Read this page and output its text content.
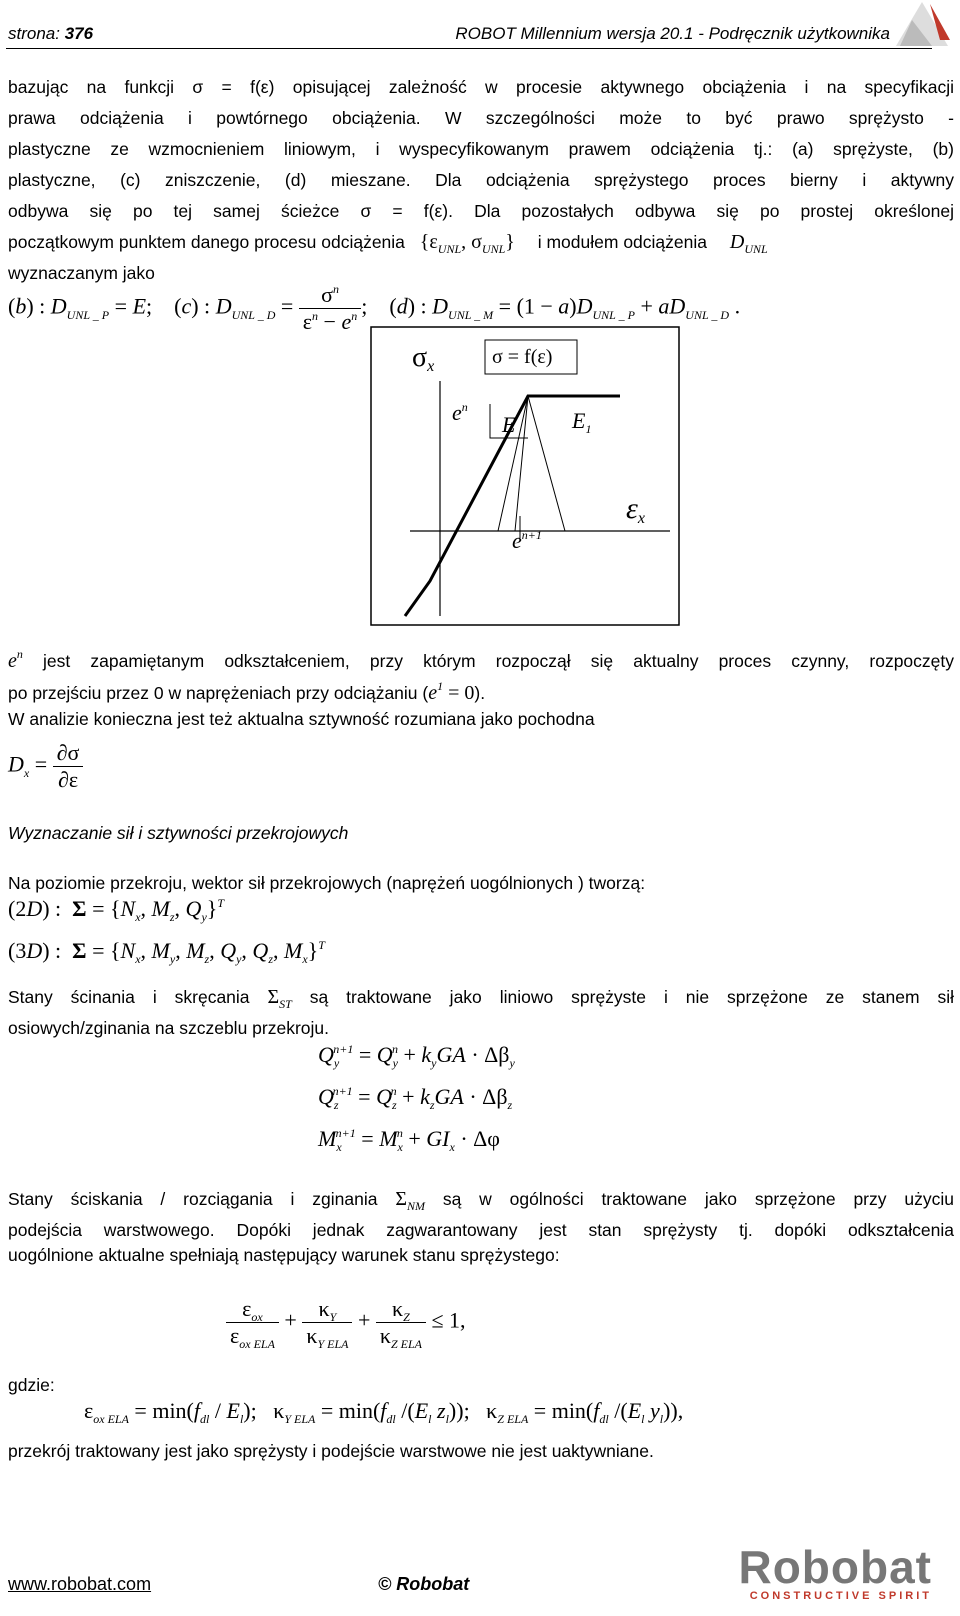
strona: 376	ROBOT Millennium wersja 20.1 - Podręcznik użytkownika
bazując na funkcji σ = f(ε) opisującej zależność w procesie aktywnego obciążenia i na specyfikacji
prawa odciążenia i powtórnego obciążenia. W szczególności może to być prawo sprężysto -
plastyczne ze wzmocnieniem liniowym, i wyspecyfikowanym prawem odciążenia tj.: (a) sprężyste, (b)
plastyczne, (c) zniszczenie, (d) mieszane. Dla odciążenia sprężystego proces bierny i aktywny
odbywa się po tej samej ścieżce σ = f(ε). Dla pozostałych odbywa się po prostej określonej
początkowym punktem danego procesu odciążenia {$\varepsilon_{UNL}$, $\sigma_{UNL}$} i modułem odciążenia $D_{UNL}$
wyznaczanym jako
(b) : $D_{UNL \_ P} = E$;    (c) : $D_{UNL \_ D} = \frac{\sigma^n}{\varepsilon^n - e^n}$ ;    (d) : $D_{UNL \_ M} = (1 - a)D_{UNL \_ P} + aD_{UNL \_ D}$ .
σx	σ = f(ε)
$e^n$
E	$E_1$
εx
$e^{n+1}$
$e^n$ jest zapamiętanym odkształceniem, przy którym rozpoczął się aktualny proces czynny, rozpoczęty
po przejściu przez 0 w naprężeniach przy odciążaniu $(e^1 = 0)$.
W analizie konieczna jest też aktualna sztywność rozumiana jako pochodna
$D_x = \frac{\partial\sigma}{\partial\varepsilon}$
Wyznaczanie sił i sztywności przekrojowych
Na poziomie przekroju, wektor sił przekrojowych (naprężeń uogólnionych ) tworzą:
(2D) :  $\Sigma = \{N_x$, $M_z$, $Q_y\}^T$
(3D) :  $\Sigma = \{N_x$, $M_y$, $M_z$, $Q_y$, $Q_z$, $M_x\}^T$
Stany ścinania i skręcania $\Sigma_{ST}$ są traktowane jako liniowo sprężyste i nie sprzężone ze stanem sił
osiowych/zginania na szczeblu przekroju.
$Q_y^{n+1} = Q_y^n + k_yGA \cdot \Delta\beta_y$
$Q_z^{n+1} = Q_z^n + k_zGA \cdot \Delta\beta_z$
$M_x^{n+1} = M_x^n + GI_x \cdot \Delta\varphi$
Stany ściskania / rozciągania i zginania $\Sigma_{NM}$ są w ogólności traktowane jako sprzężone przy użyciu
podejścia warstwowego. Dopóki jednak zagwarantowany jest stan sprężysty tj. dopóki odkształcenia
uogólnione aktualne spełniają następujący warunek stanu sprężystego:
$\frac{\varepsilon_{ox}}{\varepsilon_{ox ELA}} + \frac{\kappa_Y}{\kappa_{Y ELA}} + \frac{\kappa_Z}{\kappa_{Z ELA}} \le 1$,
gdzie:
$\varepsilon_{ox ELA} = \min(f_{dl} / E_l)$;   $\kappa_{Y ELA} = \min(f_{dl}$ $/(E_l$ $z_l$));   $\kappa_{Z ELA} = \min(f_{dl}$ $/(E_l$ $y_l$)),
przekrój traktowany jest jako sprężysty i podejście warstwowe nie jest uaktywniane.
www.robobat.com	© Robobat	Robobat
CONSTRUCTIVE SPIRIT
